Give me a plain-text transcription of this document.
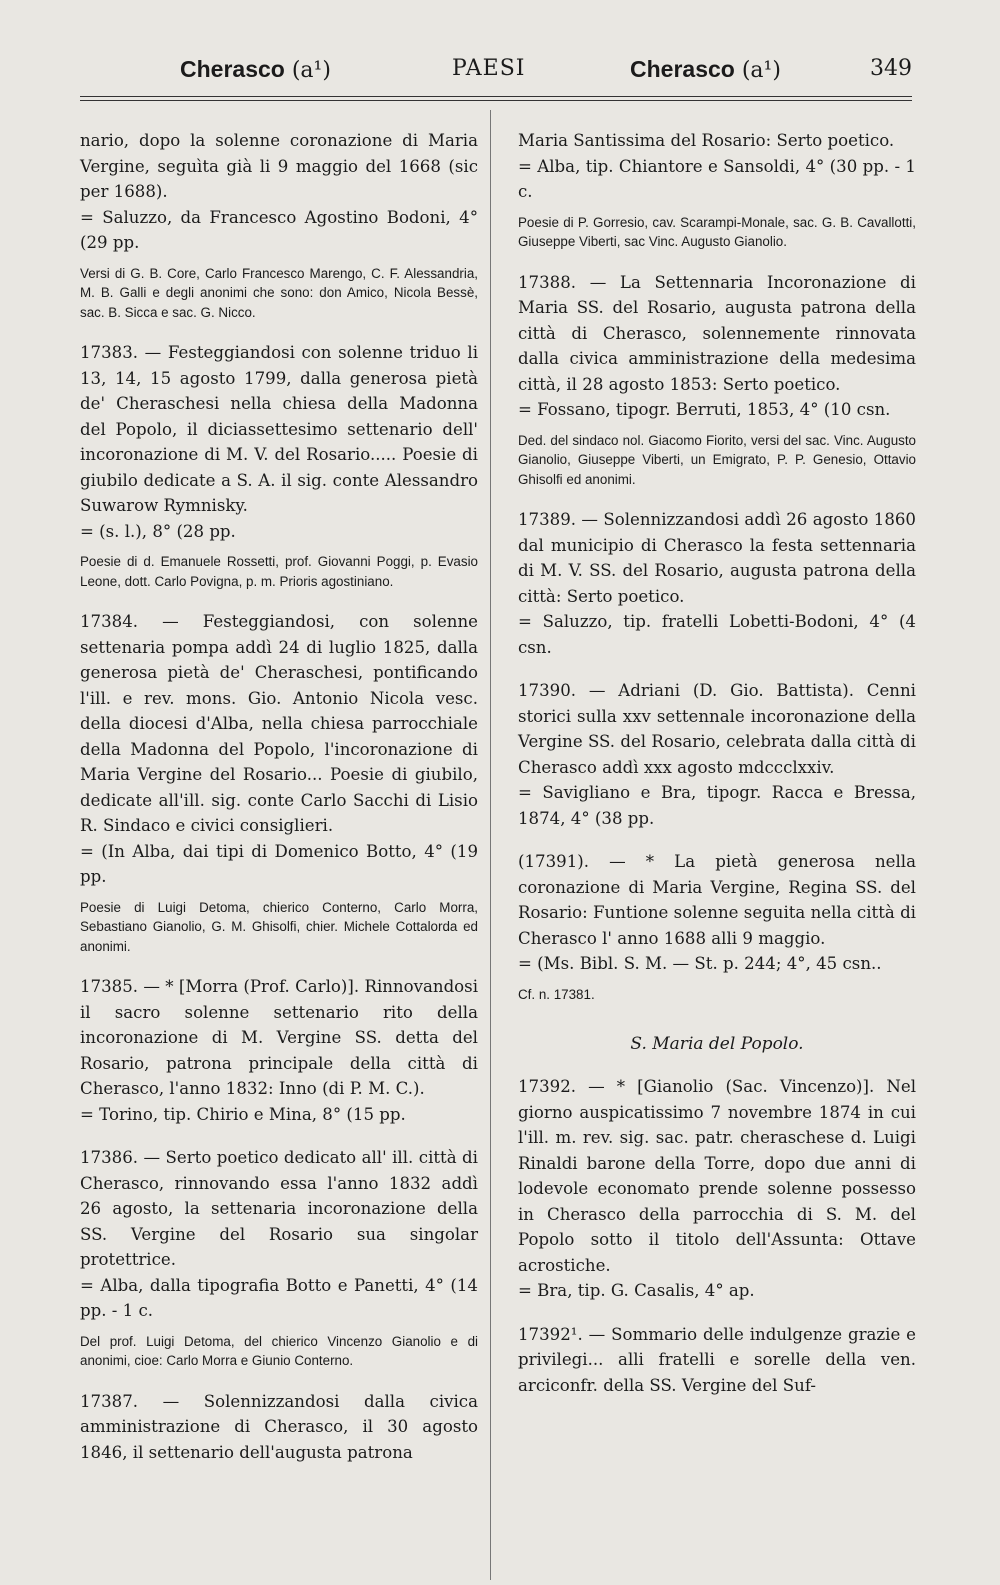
Cherasco (a¹)	PAESI	Cherasco (a¹)	349

nario, dopo la solenne coronazione di Maria Vergine, seguìta già li 9 maggio del 1668 (sic per 1688).

= Saluzzo, da Francesco Agostino Bodoni, 4° (29 pp.

Versi di G. B. Core, Carlo Francesco Marengo, C. F. Alessandria, M. B. Galli e degli anonimi che sono: don Amico, Nicola Bessè, sac. B. Sicca e sac. G. Nicco.

17383. — Festeggiandosi con solenne triduo li 13, 14, 15 agosto 1799, dalla generosa pietà de' Cheraschesi nella chiesa della Madonna del Popolo, il diciassettesimo settenario dell' incoronazione di M. V. del Rosario..... Poesie di giubilo dedicate a S. A. il sig. conte Alessandro Suwarow Rymnisky.

= (s. l.), 8° (28 pp.

Poesie di d. Emanuele Rossetti, prof. Giovanni Poggi, p. Evasio Leone, dott. Carlo Povigna, p. m. Prioris agostiniano.

17384. — Festeggiandosi, con solenne settenaria pompa addì 24 di luglio 1825, dalla generosa pietà de' Cheraschesi, pontificando l'ill. e rev. mons. Gio. Antonio Nicola vesc. della diocesi d'Alba, nella chiesa parrocchiale della Madonna del Popolo, l'incoronazione di Maria Vergine del Rosario... Poesie di giubilo, dedicate all'ill. sig. conte Carlo Sacchi di Lisio R. Sindaco e civici consiglieri.

= (In Alba, dai tipi di Domenico Botto, 4° (19 pp.

Poesie di Luigi Detoma, chierico Conterno, Carlo Morra, Sebastiano Gianolio, G. M. Ghisolfi, chier. Michele Cottalorda ed anonimi.

17385. — * [Morra (Prof. Carlo)]. Rinnovandosi il sacro solenne settenario rito della incoronazione di M. Vergine SS. detta del Rosario, patrona principale della città di Cherasco, l'anno 1832: Inno (di P. M. C.).

= Torino, tip. Chirio e Mina, 8° (15 pp.

17386. — Serto poetico dedicato all' ill. città di Cherasco, rinnovando essa l'anno 1832 addì 26 agosto, la settenaria incoronazione della SS. Vergine del Rosario sua singolar protettrice.

= Alba, dalla tipografia Botto e Panetti, 4° (14 pp. - 1 c.

Del prof. Luigi Detoma, del chierico Vincenzo Gianolio e di anonimi, cioe: Carlo Morra e Giunio Conterno.

17387. — Solennizzandosi dalla civica amministrazione di Cherasco, il 30 agosto 1846, il settenario dell'augusta patrona

Maria Santissima del Rosario: Serto poetico.

= Alba, tip. Chiantore e Sansoldi, 4° (30 pp. - 1 c.

Poesie di P. Gorresio, cav. Scarampi-Monale, sac. G. B. Cavallotti, Giuseppe Viberti, sac Vinc. Augusto Gianolio.

17388. — La Settennaria Incoronazione di Maria SS. del Rosario, augusta patrona della città di Cherasco, solennemente rinnovata dalla civica amministrazione della medesima città, il 28 agosto 1853: Serto poetico.

= Fossano, tipogr. Berruti, 1853, 4° (10 csn.

Ded. del sindaco nol. Giacomo Fiorito, versi del sac. Vinc. Augusto Gianolio, Giuseppe Viberti, un Emigrato, P. P. Genesio, Ottavio Ghisolfi ed anonimi.

17389. — Solennizzandosi addì 26 agosto 1860 dal municipio di Cherasco la festa settennaria di M. V. SS. del Rosario, augusta patrona della città: Serto poetico.

= Saluzzo, tip. fratelli Lobetti-Bodoni, 4° (4 csn.

17390. — Adriani (D. Gio. Battista). Cenni storici sulla xxv settennale incoronazione della Vergine SS. del Rosario, celebrata dalla città di Cherasco addì xxx agosto mdccclxxiv.

= Savigliano e Bra, tipogr. Racca e Bressa, 1874, 4° (38 pp.

(17391). — * La pietà generosa nella coronazione di Maria Vergine, Regina SS. del Rosario: Funtione solenne seguita nella città di Cherasco l' anno 1688 alli 9 maggio.

= (Ms. Bibl. S. M. — St. p. 244; 4°, 45 csn..

Cf. n. 17381.

S. Maria del Popolo.

17392. — * [Gianolio (Sac. Vincenzo)]. Nel giorno auspicatissimo 7 novembre 1874 in cui l'ill. m. rev. sig. sac. patr. cheraschese d. Luigi Rinaldi barone della Torre, dopo due anni di lodevole economato prende solenne possesso in Cherasco della parrocchia di S. M. del Popolo sotto il titolo dell'Assunta: Ottave acrostiche.

= Bra, tip. G. Casalis, 4° ap.

17392¹. — Sommario delle indulgenze grazie e privilegi... alli fratelli e sorelle della ven. arciconfr. della SS. Vergine del Suf-
